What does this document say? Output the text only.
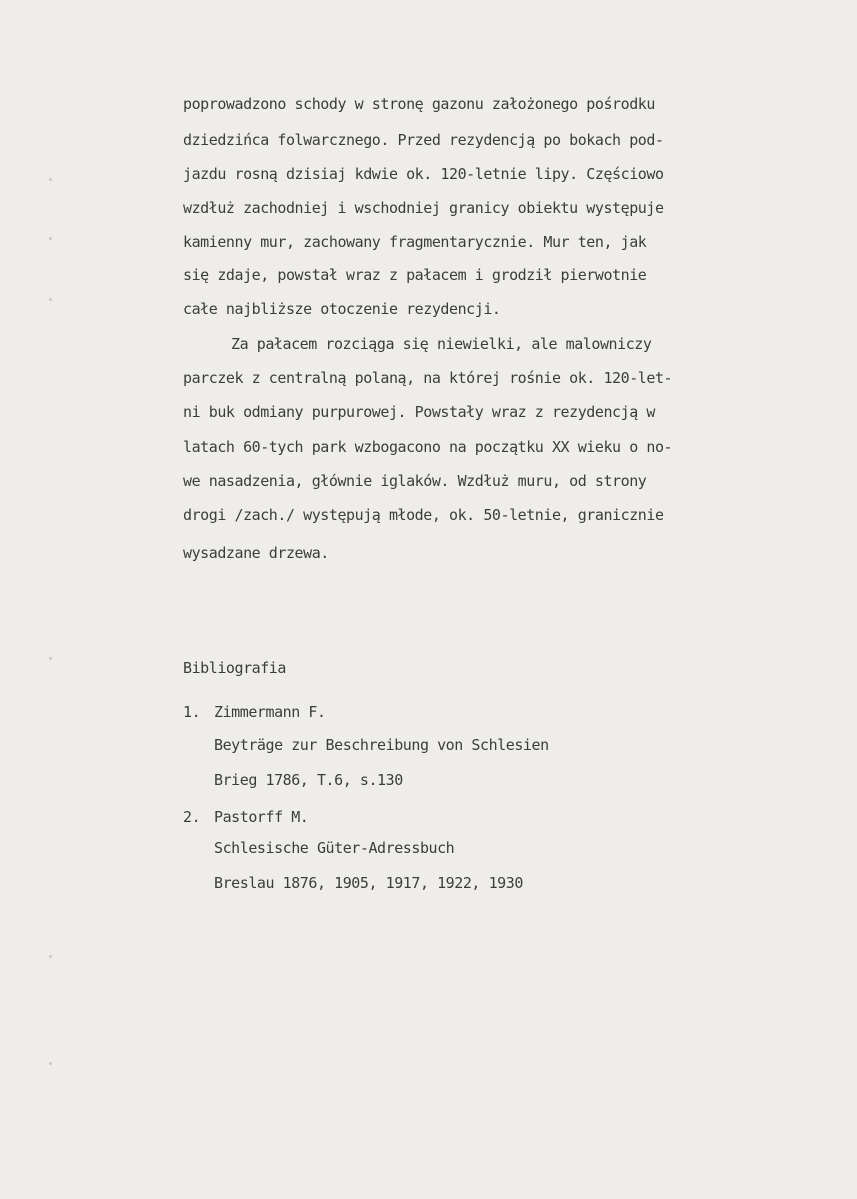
poprowadzono schody w stronę gazonu założonego pośrodku
dziedzińca folwarcznego. Przed rezydencją po bokach pod-
jazdu rosną dzisiaj kdwie ok. 120-letnie lipy. Częściowo
wzdłuż zachodniej i wschodniej granicy obiektu występuje
kamienny mur, zachowany fragmentarycznie. Mur ten, jak
się zdaje, powstał wraz z pałacem i grodził pierwotnie
całe najbliższe otoczenie rezydencji.
Za pałacem rozciąga się niewielki, ale malowniczy
parczek z centralną polaną, na której rośnie ok. 120-let-
ni buk odmiany purpurowej. Powstały wraz z rezydencją w
latach 60-tych park wzbogacono na początku XX wieku o no-
we nasadzenia, głównie iglaków. Wzdłuż muru, od strony
drogi /zach./ występują młode, ok. 50-letnie, granicznie
wysadzane drzewa.
Bibliografia
1. Zimmermann F.
Beyträge zur Beschreibung von Schlesien
Brieg 1786, T.6, s.130
2. Pastorff M.
Schlesische Güter-Adressbuch
Breslau 1876, 1905, 1917, 1922, 1930
